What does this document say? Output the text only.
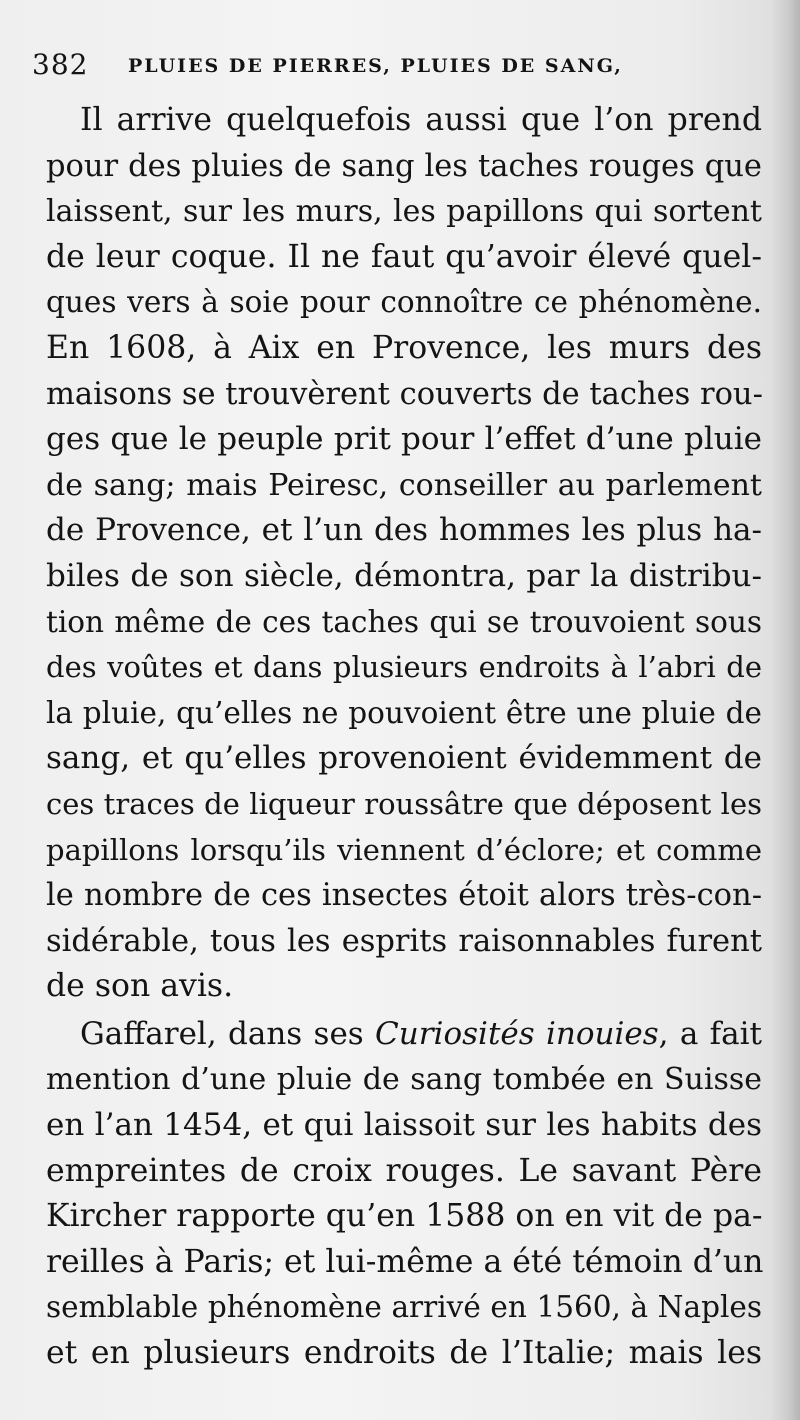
382 PLUIES DE PIERRES, PLUIES DE SANG,
Il arrive quelquefois aussi que l’on prend
pour des pluies de sang les taches rouges que
laissent, sur les murs, les papillons qui sortent
de leur coque. Il ne faut qu’avoir élevé quel-
ques vers à soie pour connoître ce phénomène.
En 1608, à Aix en Provence, les murs des
maisons se trouvèrent couverts de taches rou-
ges que le peuple prit pour l’effet d’une pluie
de sang; mais Peiresc, conseiller au parlement
de Provence, et l’un des hommes les plus ha-
biles de son siècle, démontra, par la distribu-
tion même de ces taches qui se trouvoient sous
des voûtes et dans plusieurs endroits à l’abri de
la pluie, qu’elles ne pouvoient être une pluie de
sang, et qu’elles provenoient évidemment de
ces traces de liqueur roussâtre que déposent les
papillons lorsqu’ils viennent d’éclore; et comme
le nombre de ces insectes étoit alors très-con-
sidérable, tous les esprits raisonnables furent
de son avis.
Gaffarel, dans ses Curiosités inouies, a fait
mention d’une pluie de sang tombée en Suisse
en l’an 1454, et qui laissoit sur les habits des
empreintes de croix rouges. Le savant Père
Kircher rapporte qu’en 1588 on en vit de pa-
reilles à Paris; et lui-même a été témoin d’un
semblable phénomène arrivé en 1560, à Naples
et en plusieurs endroits de l’Italie; mais les
